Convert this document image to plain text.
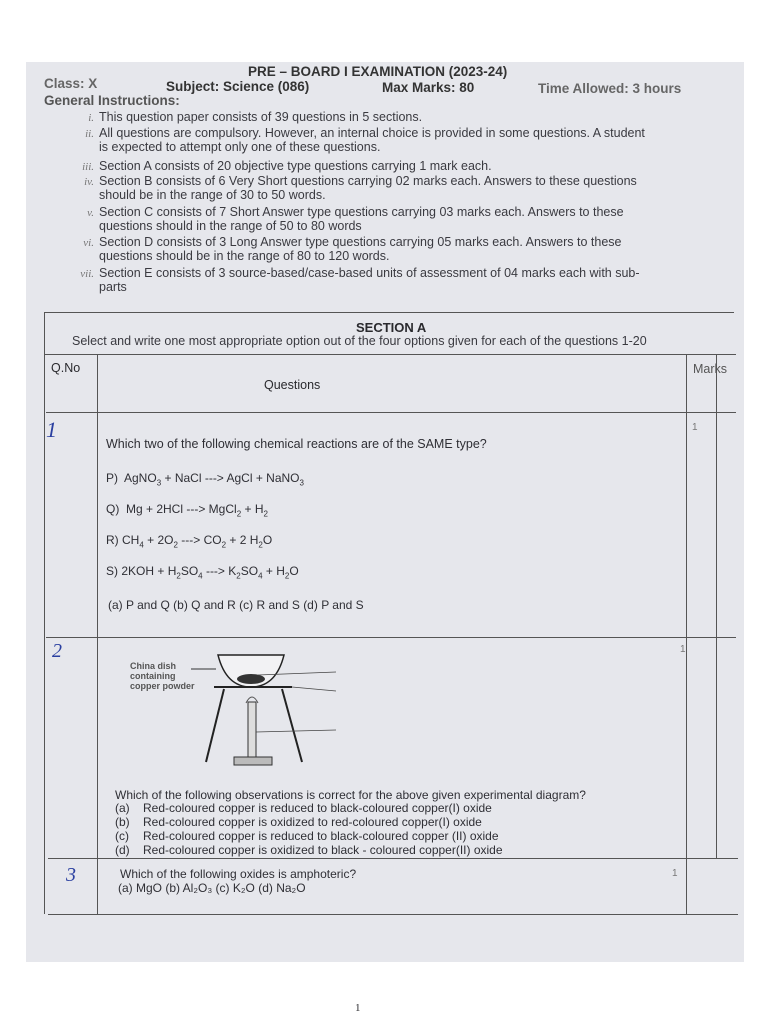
PRE – BOARD I EXAMINATION (2023-24)
Class: X	Subject: Science (086)	Max Marks: 80	Time Allowed: 3 hours
General Instructions:
i. This question paper consists of 39 questions in 5 sections.
ii. All questions are compulsory. However, an internal choice is provided in some questions. A student
is expected to attempt only one of these questions.
iii. Section A consists of 20 objective type questions carrying 1 mark each.
iv. Section B consists of 6 Very Short questions carrying 02 marks each. Answers to these questions
should be in the range of 30 to 50 words.
v. Section C consists of 7 Short Answer type questions carrying 03 marks each. Answers to these
questions should in the range of 50 to 80 words
vi. Section D consists of 3 Long Answer type questions carrying 05 marks each. Answers to these
questions should be in the range of 80 to 120 words.
vii. Section E consists of 3 source-based/case-based units of assessment of 04 marks each with sub-
parts
SECTION A
Select and write one most appropriate option out of the four options given for each of the questions 1-20
Q.No
Questions
Marks
1	1
Which two of the following chemical reactions are of the SAME type?
P)  AgNO$_3$ + NaCl ---> AgCl + NaNO$_3$
Q)  Mg + 2HCl ---> MgCl$_2$ + $H_2$
R) $CH_4 + 2O_2$ ---> $CO_2 + 2$ $H_2O$
S) $2KOH + H_2SO_4$ ---> $K_2SO_4 + H_2O$
(a) P and Q (b) Q and R (c) R and S (d) P and S
2	1
China dish
containing
copper powder
Which of the following observations is correct for the above given experimental diagram?
(a) Red-coloured copper is reduced to black-coloured copper(I) oxide
(b) Red-coloured copper is oxidized to red-coloured copper(I) oxide
(c) Red-coloured copper is reduced to black-coloured copper (II) oxide
(d) Red-coloured copper is oxidized to black - coloured copper(II) oxide
3	1
Which of the following oxides is amphoteric?
(a) MgO (b) Al₂O₃ (c) K₂O (d) Na₂O
1
